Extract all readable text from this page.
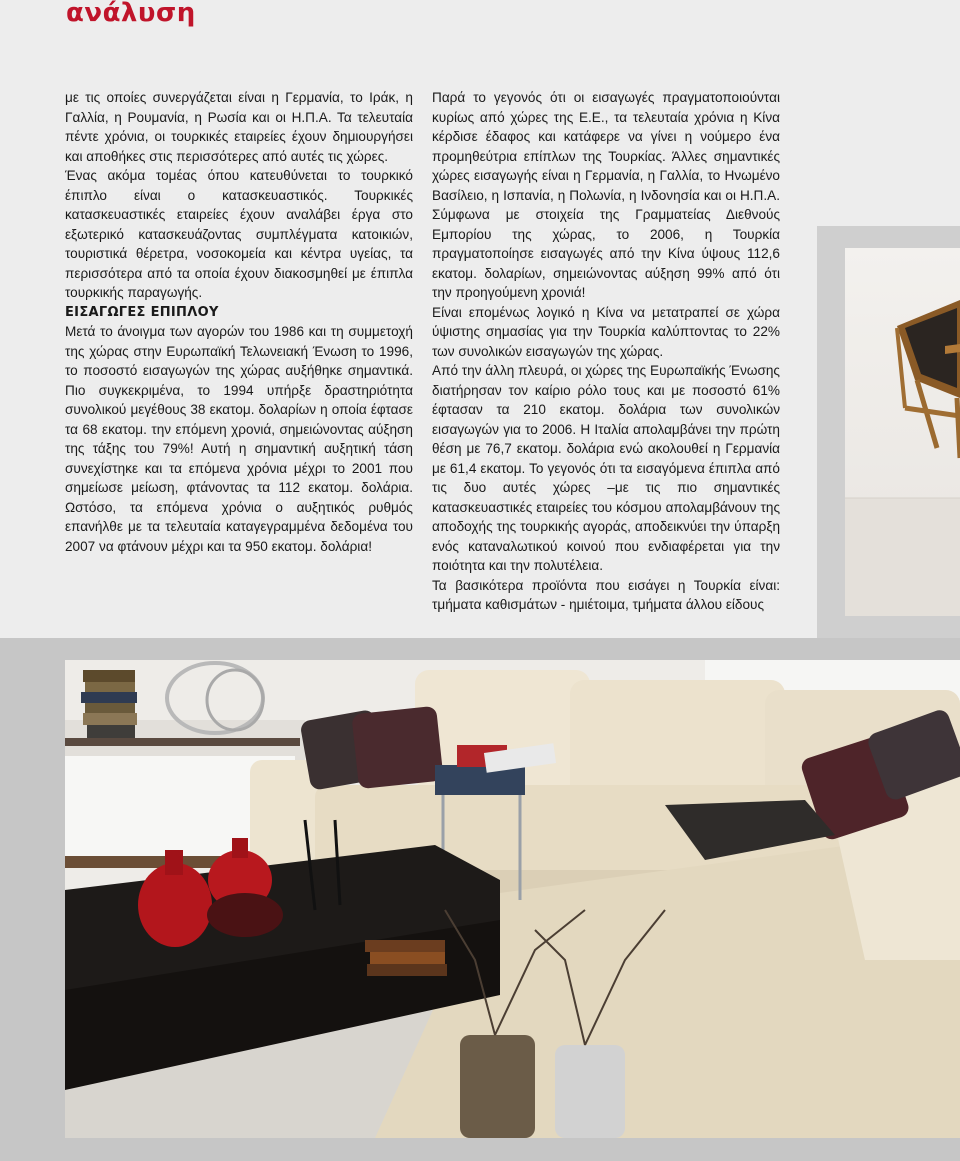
ανάλυση

με τις οποίες συνεργάζεται είναι η Γερμανία, το Ιράκ, η Γαλλία, η Ρουμανία, η Ρωσία και οι Η.Π.Α. Τα τελευταία πέντε χρόνια, οι τουρκικές εταιρείες έχουν δημιουργήσει και αποθήκες στις περισσότερες από αυτές τις χώρες.

Ένας ακόμα τομέας όπου κατευθύνεται το τουρκικό έπιπλο είναι ο κατασκευαστικός. Τουρκικές κατασκευαστικές εταιρείες έχουν αναλάβει έργα στο εξωτερικό κατασκευάζοντας συμπλέγματα κατοικιών, τουριστικά θέρετρα, νοσοκομεία και κέντρα υγείας, τα περισσότερα από τα οποία έχουν διακοσμηθεί με έπιπλα τουρκικής παραγωγής.

ΕΙΣΑΓΩΓΕΣ ΕΠΙΠΛΟΥ

Μετά το άνοιγμα των αγορών του 1986 και τη συμμετοχή της χώρας στην Ευρωπαϊκή Τελωνειακή Ένωση το 1996, το ποσοστό εισαγωγών της χώρας αυξήθηκε σημαντικά. Πιο συγκεκριμένα, το 1994 υπήρξε δραστηριότητα συνολικού μεγέθους 38 εκατομ. δολαρίων η οποία έφτασε τα 68 εκατομ. την επόμενη χρονιά, σημειώνοντας αύξηση της τάξης του 79%! Αυτή η σημαντική αυξητική τάση συνεχίστηκε και τα επόμενα χρόνια μέχρι το 2001 που σημείωσε μείωση, φτάνοντας τα 112 εκατομ. δολάρια. Ωστόσο, τα επόμενα χρόνια ο αυξητικός ρυθμός επανήλθε με τα τελευταία καταγεγραμμένα δεδομένα του 2007 να φτάνουν μέχρι και τα 950 εκατομ. δολάρια!

Παρά το γεγονός ότι οι εισαγωγές πραγματοποιούνται κυρίως από χώρες της Ε.Ε., τα τελευταία χρόνια η Κίνα κέρδισε έδαφος και κατάφερε να γίνει η νούμερο ένα προμηθεύτρια επίπλων της Τουρκίας. Άλλες σημαντικές χώρες εισαγωγής είναι η Γερμανία, η Γαλλία, το Ηνωμένο Βασίλειο, η Ισπανία, η Πολωνία, η Ινδονησία και οι Η.Π.Α. Σύμφωνα με στοιχεία της Γραμματείας Διεθνούς Εμπορίου της χώρας, το 2006, η Τουρκία πραγματοποίησε εισαγωγές από την Κίνα ύψους 112,6 εκατομ. δολαρίων, σημειώνοντας αύξηση 99% από ότι την προηγούμενη χρονιά!

Είναι επομένως λογικό η Κίνα να μετατραπεί σε χώρα ύψιστης σημασίας για την Τουρκία καλύπτοντας το 22% των συνολικών εισαγωγών της χώρας.

Από την άλλη πλευρά, οι χώρες της Ευρωπαϊκής Ένωσης διατήρησαν τον καίριο ρόλο τους και με ποσοστό 61% έφτασαν τα 210 εκατομ. δολάρια των συνολικών εισαγωγών για το 2006. Η Ιταλία απολαμβάνει την πρώτη θέση με 76,7 εκατομ. δολάρια ενώ ακολουθεί η Γερμανία με 61,4 εκατομ. Το γεγονός ότι τα εισαγόμενα έπιπλα από τις δυο αυτές χώρες –με τις πιο σημαντικές κατασκευαστικές εταιρείες του κόσμου απολαμβάνουν της αποδοχής της τουρκικής αγοράς, αποδεικνύει την ύπαρξη ενός καταναλωτικού κοινού που ενδιαφέρεται για την ποιότητα και την πολυτέλεια.

Τα βασικότερα προϊόντα που εισάγει η Τουρκία είναι: τμήματα καθισμάτων - ημιέτοιμα, τμήματα άλλου είδους
